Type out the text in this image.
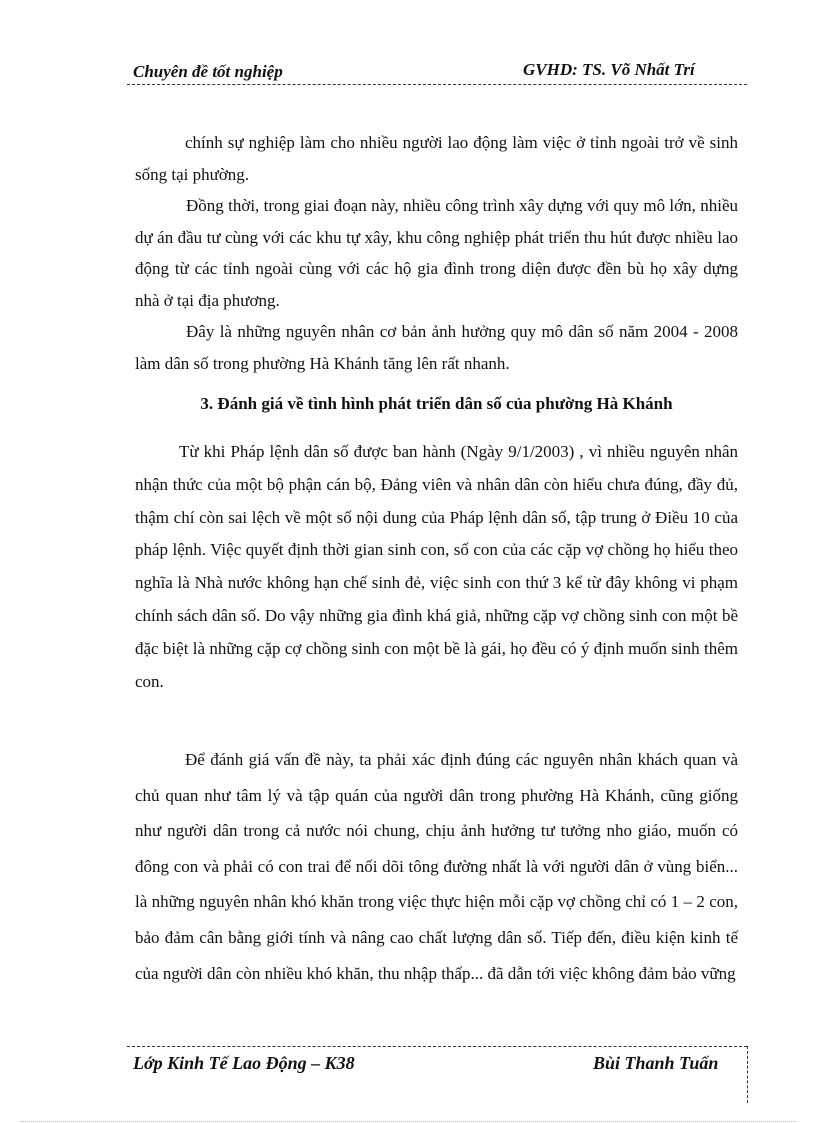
Chuyên đề tốt nghiệp	GVHD: TS. Võ Nhất Trí

chính sự nghiệp làm cho nhiều người lao động làm việc ở tỉnh ngoài trở về sinh sống tại phường.

Đồng thời, trong giai đoạn này, nhiều công trình xây dựng với quy mô lớn, nhiều dự án đầu tư cùng với các khu tự xây, khu công nghiệp phát triển thu hút được nhiều lao động từ các tỉnh ngoài cùng với các hộ gia đình trong diện được đền bù họ xây dựng nhà ở tại địa phương.

Đây là những nguyên nhân cơ bản ảnh hưởng quy mô dân số năm 2004 - 2008 làm dân số trong phường Hà Khánh tăng lên rất nhanh.

3. Đánh giá về tình hình phát triển dân số của phường Hà Khánh

Từ khi Pháp lệnh dân số được ban hành (Ngày 9/1/2003) , vì nhiều nguyên nhân nhận thức của một bộ phận cán bộ, Đảng viên và nhân dân còn hiểu chưa đúng, đầy đủ, thậm chí còn sai lệch về một số nội dung của Pháp lệnh dân số, tập trung ở Điều 10 của pháp lệnh. Việc quyết định thời gian sinh con, số con của các cặp vợ chồng họ hiểu theo nghĩa là Nhà nước không hạn chế sinh đẻ, việc sinh con thứ 3 kể từ đây không vi phạm chính sách dân số. Do vậy những gia đình khá giả, những cặp vợ chồng sinh con một bề đặc biệt là những cặp cợ chồng sinh con một bề là gái, họ đều có ý định muốn sinh thêm con.

Để đánh giá vấn đề này, ta phải xác định đúng các nguyên nhân khách quan và chủ quan như tâm lý và tập quán của người dân trong phường Hà Khánh, cũng giống như người dân trong cả nước nói chung, chịu ảnh hưởng tư tưởng nho giáo, muốn có đông con và phải có con trai để nối dõi tông đường nhất là với người dân ở vùng biển... là những nguyên nhân khó khăn trong việc thực hiện mỗi cặp vợ chồng chỉ có 1 – 2 con, bảo đảm cân bằng giới tính và nâng cao chất lượng dân số. Tiếp đến, điều kiện kinh tế của người dân còn nhiều khó khăn, thu nhập thấp... đã dẫn tới việc không đảm bảo vững

Lớp Kinh Tế Lao Động – K38	Bùi Thanh Tuấn
